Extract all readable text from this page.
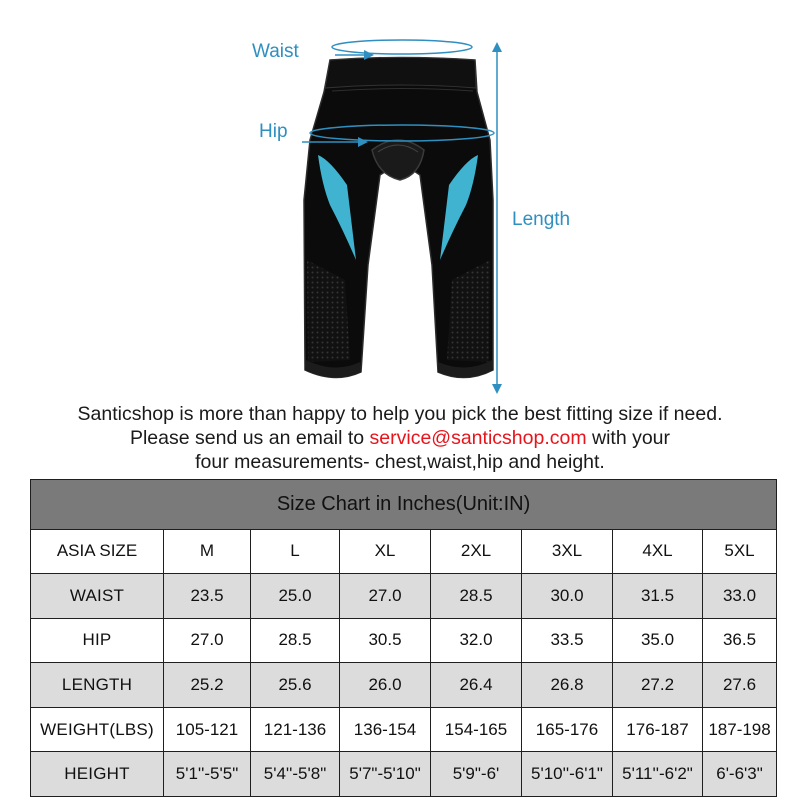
Waist
Hip
Length
Santicshop is more than happy to help you pick the best fitting size if need.
Please send us an email to service@santicshop.com with your
four measurements- chest,waist,hip and height.
Size Chart in Inches(Unit:IN)							
ASIA SIZE	M	L	XL	2XL	3XL	4XL	5XL
WAIST	23.5	25.0	27.0	28.5	30.0	31.5	33.0
HIP	27.0	28.5	30.5	32.0	33.5	35.0	36.5
LENGTH	25.2	25.6	26.0	26.4	26.8	27.2	27.6
WEIGHT(LBS)	105-121	121-136	136-154	154-165	165-176	176-187	187-198
HEIGHT	5'1''-5'5"	5'4''-5'8"	5'7"-5'10"	5'9"-6'	5'10''-6'1"	5'11''-6'2"	6'-6'3"
